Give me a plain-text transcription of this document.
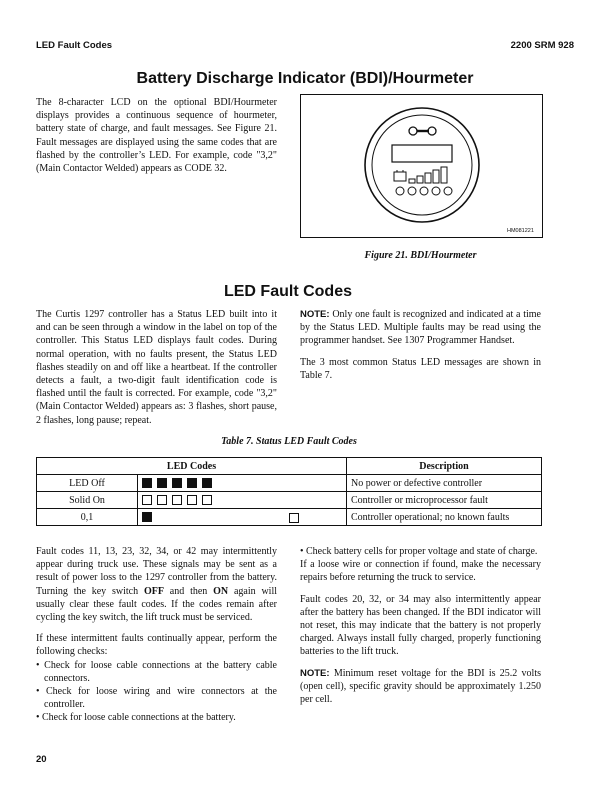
LED Fault Codes	2200 SRM 928
Battery Discharge Indicator (BDI)/Hourmeter

The 8-character LCD on the optional BDI/Hourmeter displays provides a continuous sequence of hourmeter, battery state of charge, and fault messages. See Figure 21. Fault messages are displayed using the same codes that are flashed by the controller’s LED. For example, code "3,2" (Main Contactor Welded) appears as CODE 32.

HM081221
Figure 21. BDI/Hourmeter
LED Fault Codes

The Curtis 1297 controller has a Status LED built into it and can be seen through a window in the label on top of the controller. This Status LED displays fault codes. During normal operation, with no faults present, the Status LED flashes steadily on and off like a heartbeat. If the controller detects a fault, a two-digit fault identification code is flashed until the fault is corrected. For example, code "3,2" (Main Contactor Welded) appears as: 3 flashes, short pause, 2 flashes, long pause; repeat.

NOTE: Only one fault is recognized and indicated at a time by the Status LED. Multiple faults may be read using the programmer handset. See 1307 Programmer Handset.

The 3 most common Status LED messages are shown in Table 7.

Table 7. Status LED Fault Codes
LED Codes		Description
LED Off		No power or defective controller
Solid On		Controller or microprocessor fault
0,1		Controller operational; no known faults

Fault codes 11, 13, 23, 32, 34, or 42 may intermittently appear during truck use. These signals may be sent as a result of power loss to the 1297 controller from the battery. Turning the key switch OFF and then ON again will usually clear these fault codes. If the codes remain after cycling the key switch, the lift truck must be serviced.

If these intermittent faults continually appear, perform the following checks:

• Check for loose cable connections at the battery cable connectors.
• Check for loose wiring and wire connectors at the controller.
• Check for loose cable connections at the battery.
• Check battery cells for proper voltage and state of charge.

If a loose wire or connection if found, make the necessary repairs before returning the truck to service.

Fault codes 20, 32, or 34 may also intermittently appear after the battery has been changed. If the BDI indicator will not reset, this may indicate that the battery is not properly charged. Always install fully charged, properly functioning batteries to the lift truck.

NOTE: Minimum reset voltage for the BDI is 25.2 volts (open cell), specific gravity should be approximately 1.250 per cell.

20
